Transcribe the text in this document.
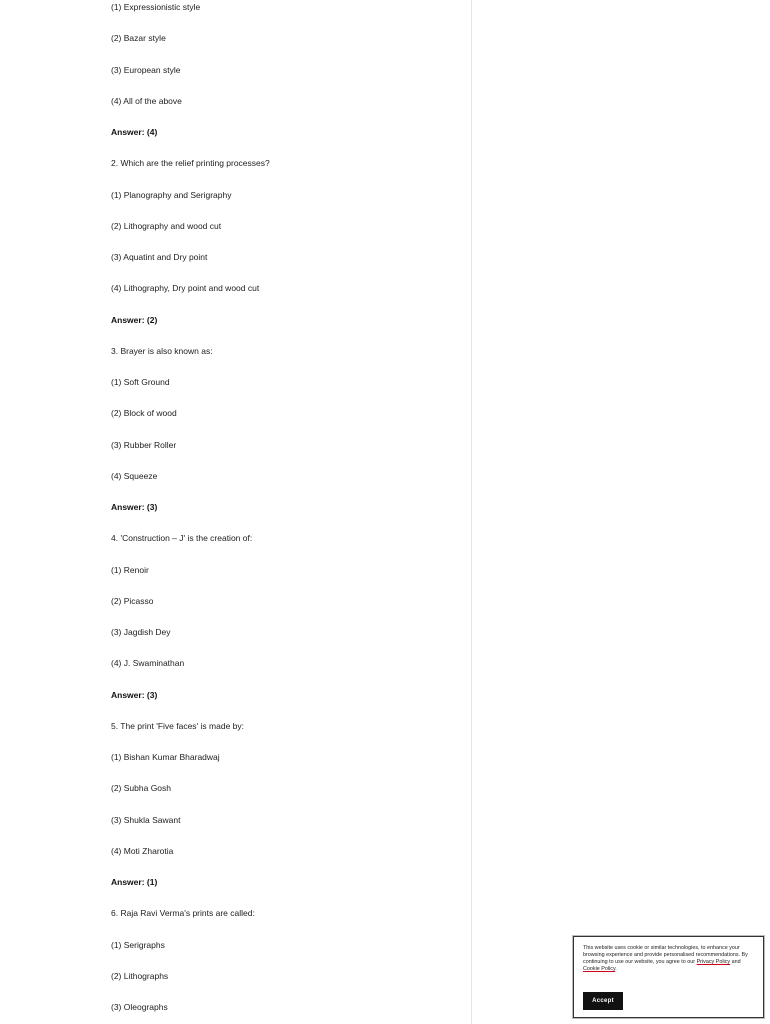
(1) Expressionistic style
(2) Bazar style
(3) European style
(4) All of the above
Answer: (4)
2. Which are the relief printing processes?
(1) Planography and Serigraphy
(2) Lithography and wood cut
(3) Aquatint and Dry point
(4) Lithography, Dry point and wood cut
Answer: (2)
3. Brayer is also known as:
(1) Soft Ground
(2) Block of wood
(3) Rubber Roller
(4) Squeeze
Answer: (3)
4. 'Construction – J' is the creation of:
(1) Renoir
(2) Picasso
(3) Jagdish Dey
(4) J. Swaminathan
Answer: (3)
5. The print 'Five faces' is made by:
(1) Bishan Kumar Bharadwaj
(2) Subha Gosh
(3) Shukla Sawant
(4) Moti Zharotia
Answer: (1)
6. Raja Ravi Verma's prints are called:
(1) Serigraphs
(2) Lithographs
(3) Oleographs

This website uses cookie or similar technologies, to enhance your browsing experience and provide personalised recommendations. By continuing to use our website, you agree to our Privacy Policy and Cookie Policy.

Accept
